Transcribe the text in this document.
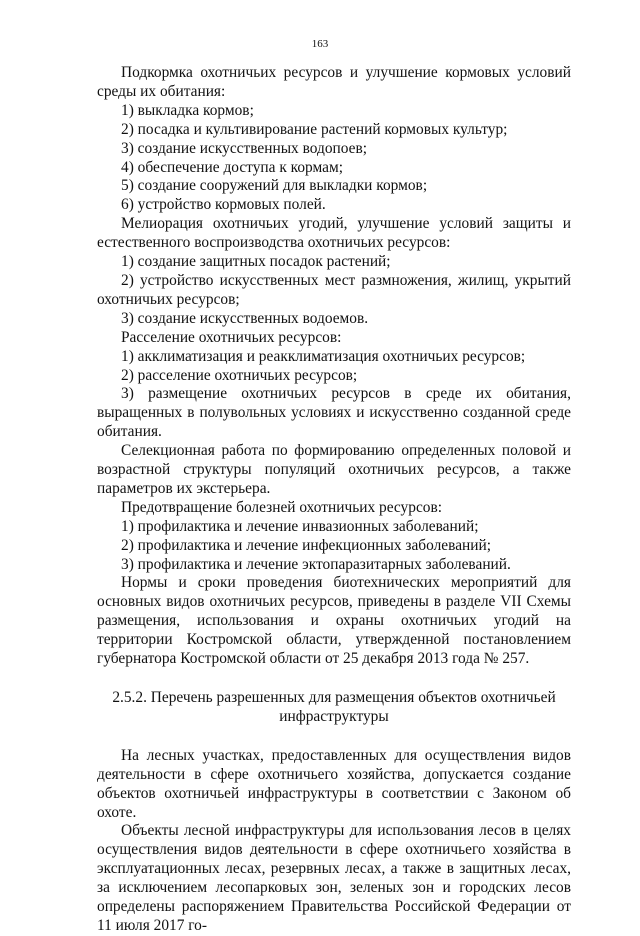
163

Подкормка охотничьих ресурсов и улучшение кормовых условий среды их обитания:

1) выкладка кормов;

2) посадка и культивирование растений кормовых культур;

3) создание искусственных водопоев;

4) обеспечение доступа к кормам;

5) создание сооружений для выкладки кормов;

6) устройство кормовых полей.

Мелиорация охотничьих угодий, улучшение условий защиты и естественного воспроизводства охотничьих ресурсов:

1) создание защитных посадок растений;

2) устройство искусственных мест размножения, жилищ, укрытий охотничьих ресурсов;

3) создание искусственных водоемов.

Расселение охотничьих ресурсов:

1) акклиматизация и реакклиматизация охотничьих ресурсов;

2) расселение охотничьих ресурсов;

3) размещение охотничьих ресурсов в среде их обитания, выращенных в полувольных условиях и искусственно созданной среде обитания.

Селекционная работа по формированию определенных половой и возрастной структуры популяций охотничьих ресурсов, а также параметров их экстерьера.

Предотвращение болезней охотничьих ресурсов:

1) профилактика и лечение инвазионных заболеваний;

2) профилактика и лечение инфекционных заболеваний;

3) профилактика и лечение эктопаразитарных заболеваний.

Нормы и сроки проведения биотехнических мероприятий для основных видов охотничьих ресурсов, приведены в разделе VII Схемы размещения, использования и охраны охотничьих угодий на территории Костромской области, утвержденной постановлением губернатора Костромской области от 25 декабря 2013 года № 257.

2.5.2. Перечень разрешенных для размещения объектов охотничьей инфраструктуры

На лесных участках, предоставленных для осуществления видов деятельности в сфере охотничьего хозяйства, допускается создание объектов охотничьей инфраструктуры в соответствии с Законом об охоте.

Объекты лесной инфраструктуры для использования лесов в целях осуществления видов деятельности в сфере охотничьего хозяйства в эксплуатационных лесах, резервных лесах, а также в защитных лесах, за исключением лесопарковых зон, зеленых зон и городских лесов определены распоряжением Правительства Российской Федерации от 11 июля 2017 го-
